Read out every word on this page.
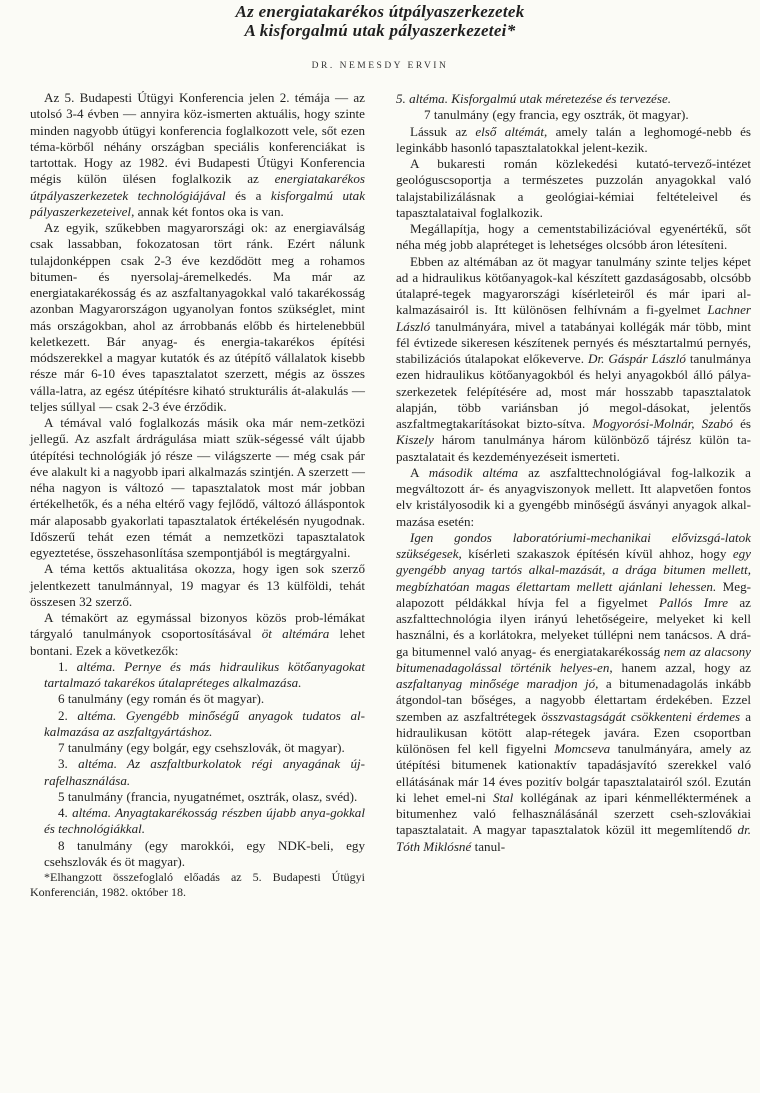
Az energiatakarékos útpályaszerkezetek
A kisforgalmú utak pályaszerkezetei*
DR. NEMESDY ERVIN

Az 5. Budapesti Útügyi Konferencia jelen 2. témája — az utolsó 3-4 évben — annyira köz-ismerten aktuális, hogy szinte minden nagyobb útügyi konferencia foglalkozott vele, sőt ezen téma-körből néhány országban speciális konferenciákat is tartottak. Hogy az 1982. évi Budapesti Útügyi Konferencia mégis külön ülésen foglalkozik az energiatakarékos útpályaszerkezetek technológiájával és a kisforgalmú utak pályaszerkezeteivel, annak két fontos oka is van.

Az egyik, szűkebben magyarországi ok: az energiaválság csak lassabban, fokozatosan tört ránk. Ezért nálunk tulajdonképpen csak 2-3 éve kezdődött meg a rohamos bitumen- és nyersolaj-áremelkedés. Ma már az energiatakarékosság és az aszfaltanyagokkal való takarékosság azonban Magyarországon ugyanolyan fontos szükséglet, mint más országokban, ahol az árrobbanás előbb és hirtelenebbül keletkezett. Bár anyag- és energia-takarékos építési módszerekkel a magyar kutatók és az útépítő vállalatok kisebb része már 6-10 éves tapasztalatot szerzett, mégis az összes válla-latra, az egész útépítésre kiható strukturális át-alakulás — teljes súllyal — csak 2-3 éve érződik.

A témával való foglalkozás másik oka már nem-zetközi jellegű. Az aszfalt árdrágulása miatt szük-ségessé vált újabb útépítési technológiák jó része — világszerte — még csak pár éve alakult ki a nagyobb ipari alkalmazás szintjén. A szerzett — néha nagyon is változó — tapasztalatok most már jobban értékelhetők, és a néha eltérő vagy fejlődő, változó álláspontok már alaposabb gyakorlati tapasztalatok értékelésén nyugodnak. Időszerű tehát ezen témát a nemzetközi tapasztalatok egyeztetése, összehasonlítása szempontjából is megtárgyalni.

A téma kettős aktualitása okozza, hogy igen sok szerző jelentkezett tanulmánnyal, 19 magyar és 13 külföldi, tehát összesen 32 szerző.

A témakört az egymással bizonyos közös prob-lémákat tárgyaló tanulmányok csoportosításával öt altémára lehet bontani. Ezek a következők:

1. altéma. Pernye és más hidraulikus kötőanyagokat tartalmazó takarékos útalapréteges alkalmazása.

6 tanulmány (egy román és öt magyar).

2. altéma. Gyengébb minőségű anyagok tudatos al-kalmazása az aszfaltgyártáshoz.

7 tanulmány (egy bolgár, egy csehszlovák, öt magyar).

3. altéma. Az aszfaltburkolatok régi anyagának új-rafelhasználása.

5 tanulmány (francia, nyugatnémet, osztrák, olasz, svéd).

4. altéma. Anyagtakarékosság részben újabb anya-gokkal és technológiákkal.

8 tanulmány (egy marokkói, egy NDK-beli, egy csehszlovák és öt magyar).

*Elhangzott összefoglaló előadás az 5. Budapesti Útügyi Konferencián, 1982. október 18.

5. altéma. Kisforgalmú utak méretezése és tervezése.

7 tanulmány (egy francia, egy osztrák, öt magyar).

Lássuk az első altémát, amely talán a leghomogé-nebb és leginkább hasonló tapasztalatokkal jelent-kezik.

A bukaresti román közlekedési kutató-tervező-intézet geológuscsoportja a természetes puzzolán anyagokkal való talajstabilizálásnak a geológiai-kémiai feltételeivel és tapasztalataival foglalkozik.

Megállapítja, hogy a cementstabilizációval egyenértékű, sőt néha még jobb alapréteget is lehetséges olcsóbb áron létesíteni.

Ebben az altémában az öt magyar tanulmány szinte teljes képet ad a hidraulikus kötőanyagok-kal készített gazdaságosabb, olcsóbb útalapré-tegek magyarországi kísérleteiről és már ipari al-kalmazásairól is. Itt különösen felhívnám a fi-gyelmet Lachner László tanulmányára, mivel a tatabányai kollégák már több, mint fél évtizede sikeresen készítenek pernyés és mésztartalmú pernyés, stabilizációs útalapokat előkeverve. Dr. Gáspár László tanulmánya ezen hidraulikus kötőanyagokból és helyi anyagokból álló pálya-szerkezetek felépítésére ad, most már hosszabb tapasztalatok alapján, több variánsban jó megol-dásokat, jelentős aszfaltmegtakarításokat bizto-sítva. Mogyorósi-Molnár, Szabó és Kiszely három tanulmánya három különböző tájrész külön ta-pasztalatait és kezdeményezéseit ismerteti.

A második altéma az aszfalttechnológiával fog-lalkozik a megváltozott ár- és anyagviszonyok mellett. Itt alapvetően fontos elv kristályosodik ki a gyengébb minőségű ásványi anyagok alkal-mazása esetén:

Igen gondos laboratóriumi-mechanikai elővizsgá-latok szükségesek, kísérleti szakaszok építésén kívül ahhoz, hogy egy gyengébb anyag tartós alkal-mazását, a drága bitumen mellett, megbízhatóan magas élettartam mellett ajánlani lehessen. Meg-alapozott példákkal hívja fel a figyelmet Pallós Imre az aszfalttechnológia ilyen irányú lehetőségeire, melyeket ki kell használni, és a korlátokra, melyeket túllépni nem tanácsos. A drá-ga bitumennel való anyag- és energiatakarékosság nem az alacsony bitumenadagolással történik helyes-en, hanem azzal, hogy az aszfaltanyag minősége maradjon jó, a bitumenadagolás inkább átgondol-tan bőséges, a nagyobb élettartam érdekében. Ezzel szemben az aszfaltrétegek összvastagságát csökkenteni érdemes a hidraulikusan kötött alap-rétegek javára. Ezen csoportban különösen fel kell figyelni Momcseva tanulmányára, amely az útépítési bitumenek kationaktív tapadásjavító szerekkel való ellátásának már 14 éves pozitív bolgár tapasztalatairól szól. Ezután ki lehet emel-ni Stal kollégának az ipari kénmelléktermének a bitumenhez való felhasználásánál szerzett cseh-szlovákiai tapasztalatait. A magyar tapasztalatok közül itt megemlítendő dr. Tóth Miklósné tanul-
